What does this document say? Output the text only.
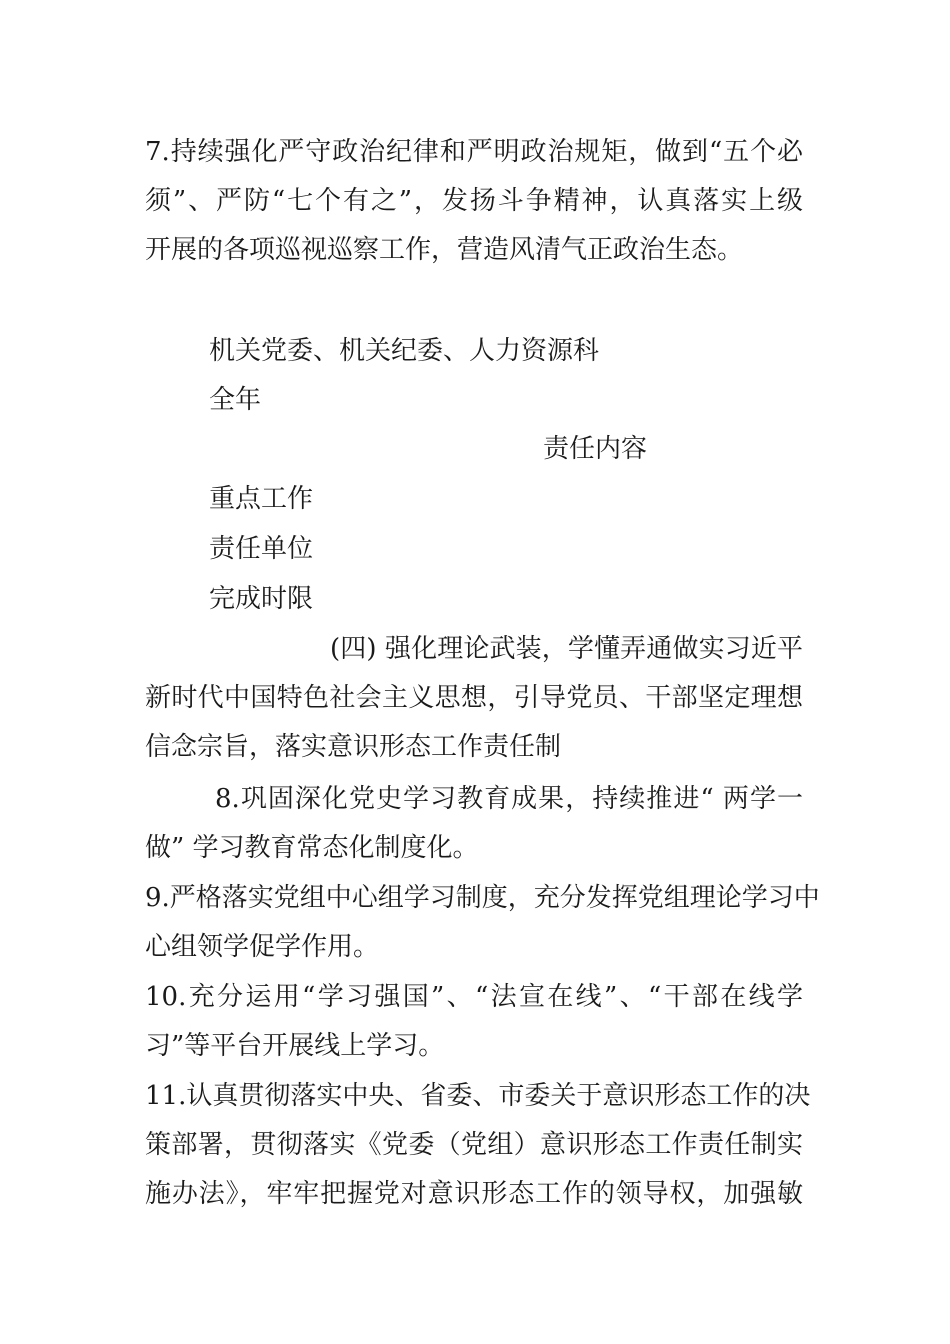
7.持续强化严守政治纪律和严明政治规矩，做到“五个必

须”、严防“七个有之”，发扬斗争精神，认真落实上级

开展的各项巡视巡察工作，营造风清气正政治生态。

机关党委、机关纪委、人力资源科

全年

责任内容

重点工作

责任单位

完成时限

(四) 强化理论武装，学懂弄通做实习近平

新时代中国特色社会主义思想，引导党员、干部坚定理想

信念宗旨，落实意识形态工作责任制

8.巩固深化党史学习教育成果，持续推进“ 两学一

做” 学习教育常态化制度化。

9.严格落实党组中心组学习制度，充分发挥党组理论学习中

心组领学促学作用。

10.充分运用“学习强国”、“法宣在线”、“干部在线学

习”等平台开展线上学习。

11.认真贯彻落实中央、省委、市委关于意识形态工作的决

策部署，贯彻落实《党委（党组）意识形态工作责任制实

施办法》，牢牢把握党对意识形态工作的领导权，加强敏
